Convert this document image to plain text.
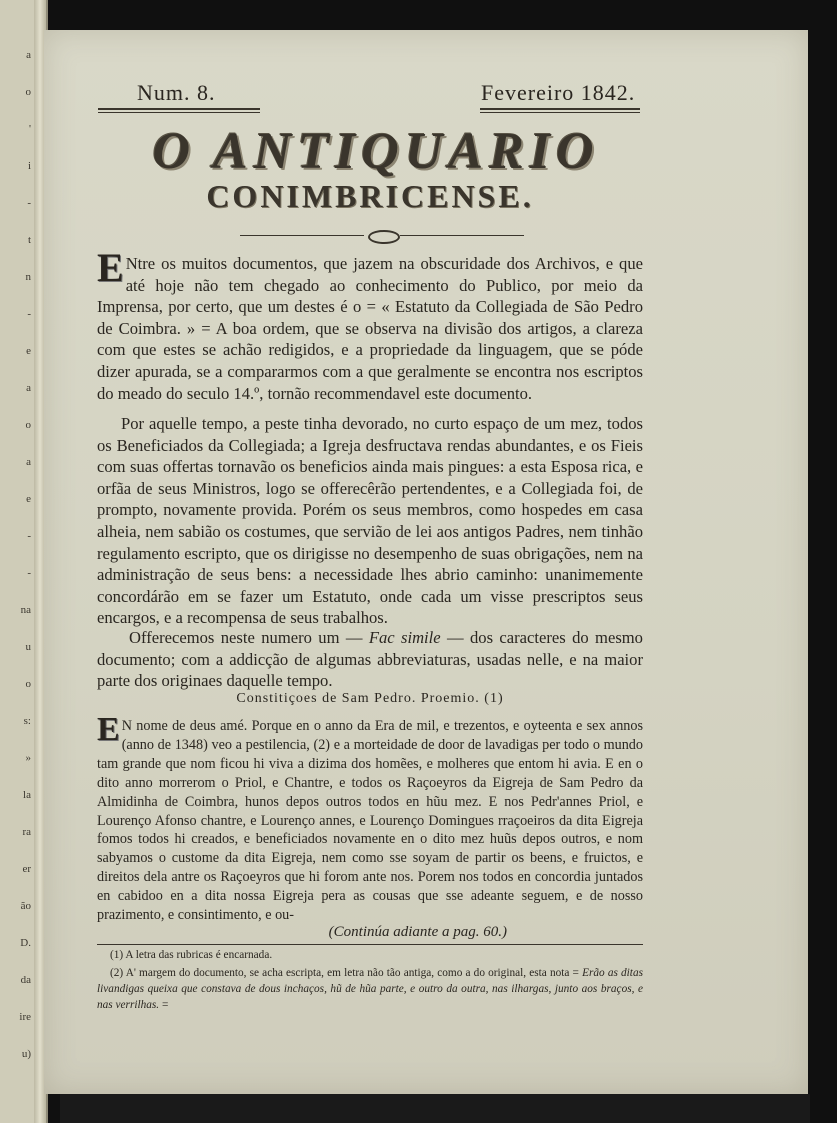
a
o
'
i
-
t
n
-
e
a
o
a
e
-
-
na
u
o
s:
»
la
ra
er
ão
D.
da
ire
u)
Num. 8.	Fevereiro 1842.
O ANTIQUARIO
CONIMBRICENSE.
E Ntre os muitos documentos, que jazem na obscuridade dos Archivos, e que até hoje não tem chegado ao conhecimento do Publico, por meio da Imprensa, por certo, que um destes é o = « Estatuto da Collegiada de São Pedro de Coimbra. » = A boa ordem, que se observa na divisão dos artigos, a clareza com que estes se achão redigidos, e a propriedade da linguagem, que se póde dizer apurada, se a compararmos com a que geralmente se encontra nos escriptos do meado do seculo 14.º, tornão recommendavel este documento.
Por aquelle tempo, a peste tinha devorado, no curto espaço de um mez, todos os Beneficiados da Collegiada; a Igreja desfructava rendas abundantes, e os Fieis com suas offertas tornavão os beneficios ainda mais pingues: a esta Esposa rica, e orfãa de seus Ministros, logo se offerecêrão pertendentes, e a Collegiada foi, de prompto, novamente provida. Porém os seus membros, como hospedes em casa alheia, nem sabião os costumes, que servião de lei aos antigos Padres, nem tinhão regulamento escripto, que os dirigisse no desempenho de suas obrigações, nem na administração de seus bens: a necessidade lhes abrio caminho: unanimemente concordárão em se fazer um Estatuto, onde cada um visse prescriptos seus encargos, e a recompensa de seus trabalhos.
Offerecemos neste numero um — Fac simile — dos caracteres do mesmo documento; com a addicção de algumas abbreviaturas, usadas nelle, e na maior parte dos originaes daquelle tempo.
Constitiçoes de Sam Pedro. Proemio. (1)
E N nome de deus amé. Porque en o anno da Era de mil, e trezentos, e oyteenta e sex annos (anno de 1348) veo a pestilencia, (2) e a morteidade de door de lavadigas per todo o mundo tam grande que nom ficou hi viva a dizima dos homẽes, e molheres que entom hi avia. E en o dito anno morrerom o Priol, e Chantre, e todos os Raçoeyros da Eigreja de Sam Pedro da Almidinha de Coimbra, hunos depos outros todos en hũu mez. E nos Pedr'annes Priol, e Lourenço Afonso chantre, e Lourenço annes, e Lourenço Domingues rraçoeiros da dita Eigreja fomos todos hi creados, e beneficiados novamente en o dito mez huũs depos outros, e nom sabyamos o custome da dita Eigreja, nem como sse soyam de partir os beens, e fruictos, e direitos dela antre os Raçoeyros que hi forom ante nos. Porem nos todos en concordia juntados en cabidoo en a dita nossa Eigreja pera as cousas que sse adeante seguem, e de nosso prazimento, e consintimento, e ou-
(Continúa adiante a pag. 60.)
(1) A letra das rubricas é encarnada.
(2) A' margem do documento, se acha escripta, em letra não tão antiga, como a do original, esta nota = Erão as ditas livandigas queixa que constava de dous inchaços, hũ de hũa parte, e outro da outra, nas ilhargas, junto aos braços, e nas verrilhas. =
